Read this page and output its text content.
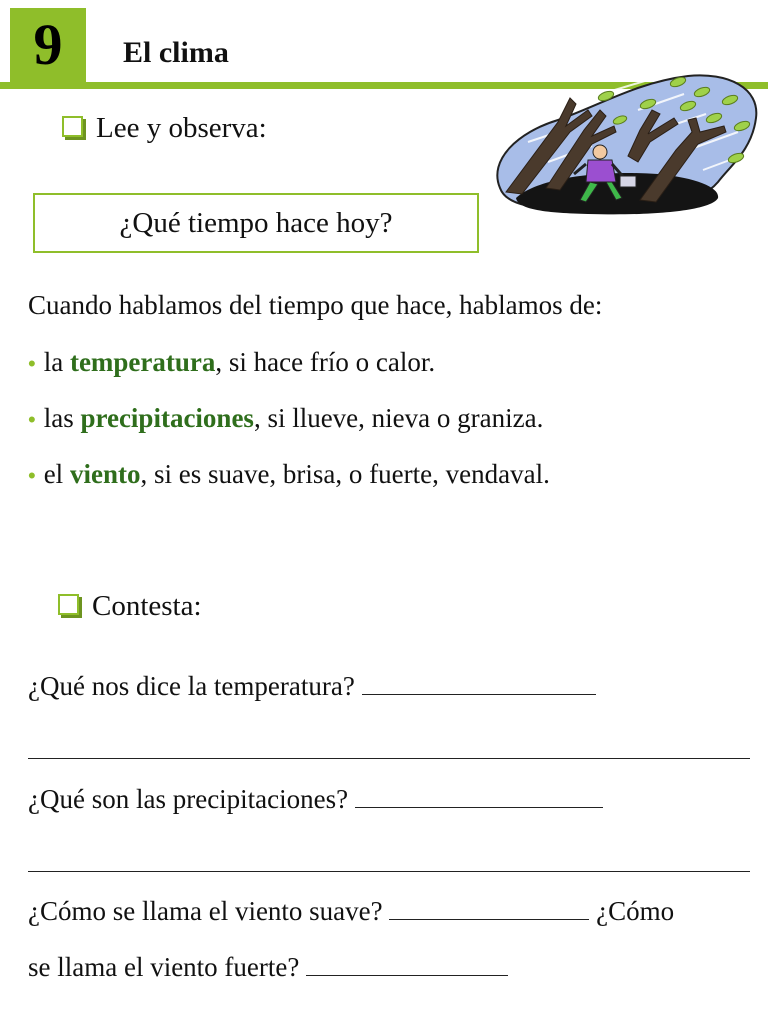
9	El clima
Lee y observa:
¿Qué tiempo hace hoy?
Cuando hablamos del tiempo que hace, hablamos de:
• la temperatura, si hace frío o calor.
• las precipitaciones, si llueve, nieva o graniza.
• el viento, si es suave, brisa, o fuerte, vendaval.
Contesta:
¿Qué nos dice la temperatura?
¿Qué son las precipitaciones?
¿Cómo se llama el viento suave?	¿Cómo
se llama el viento fuerte?
